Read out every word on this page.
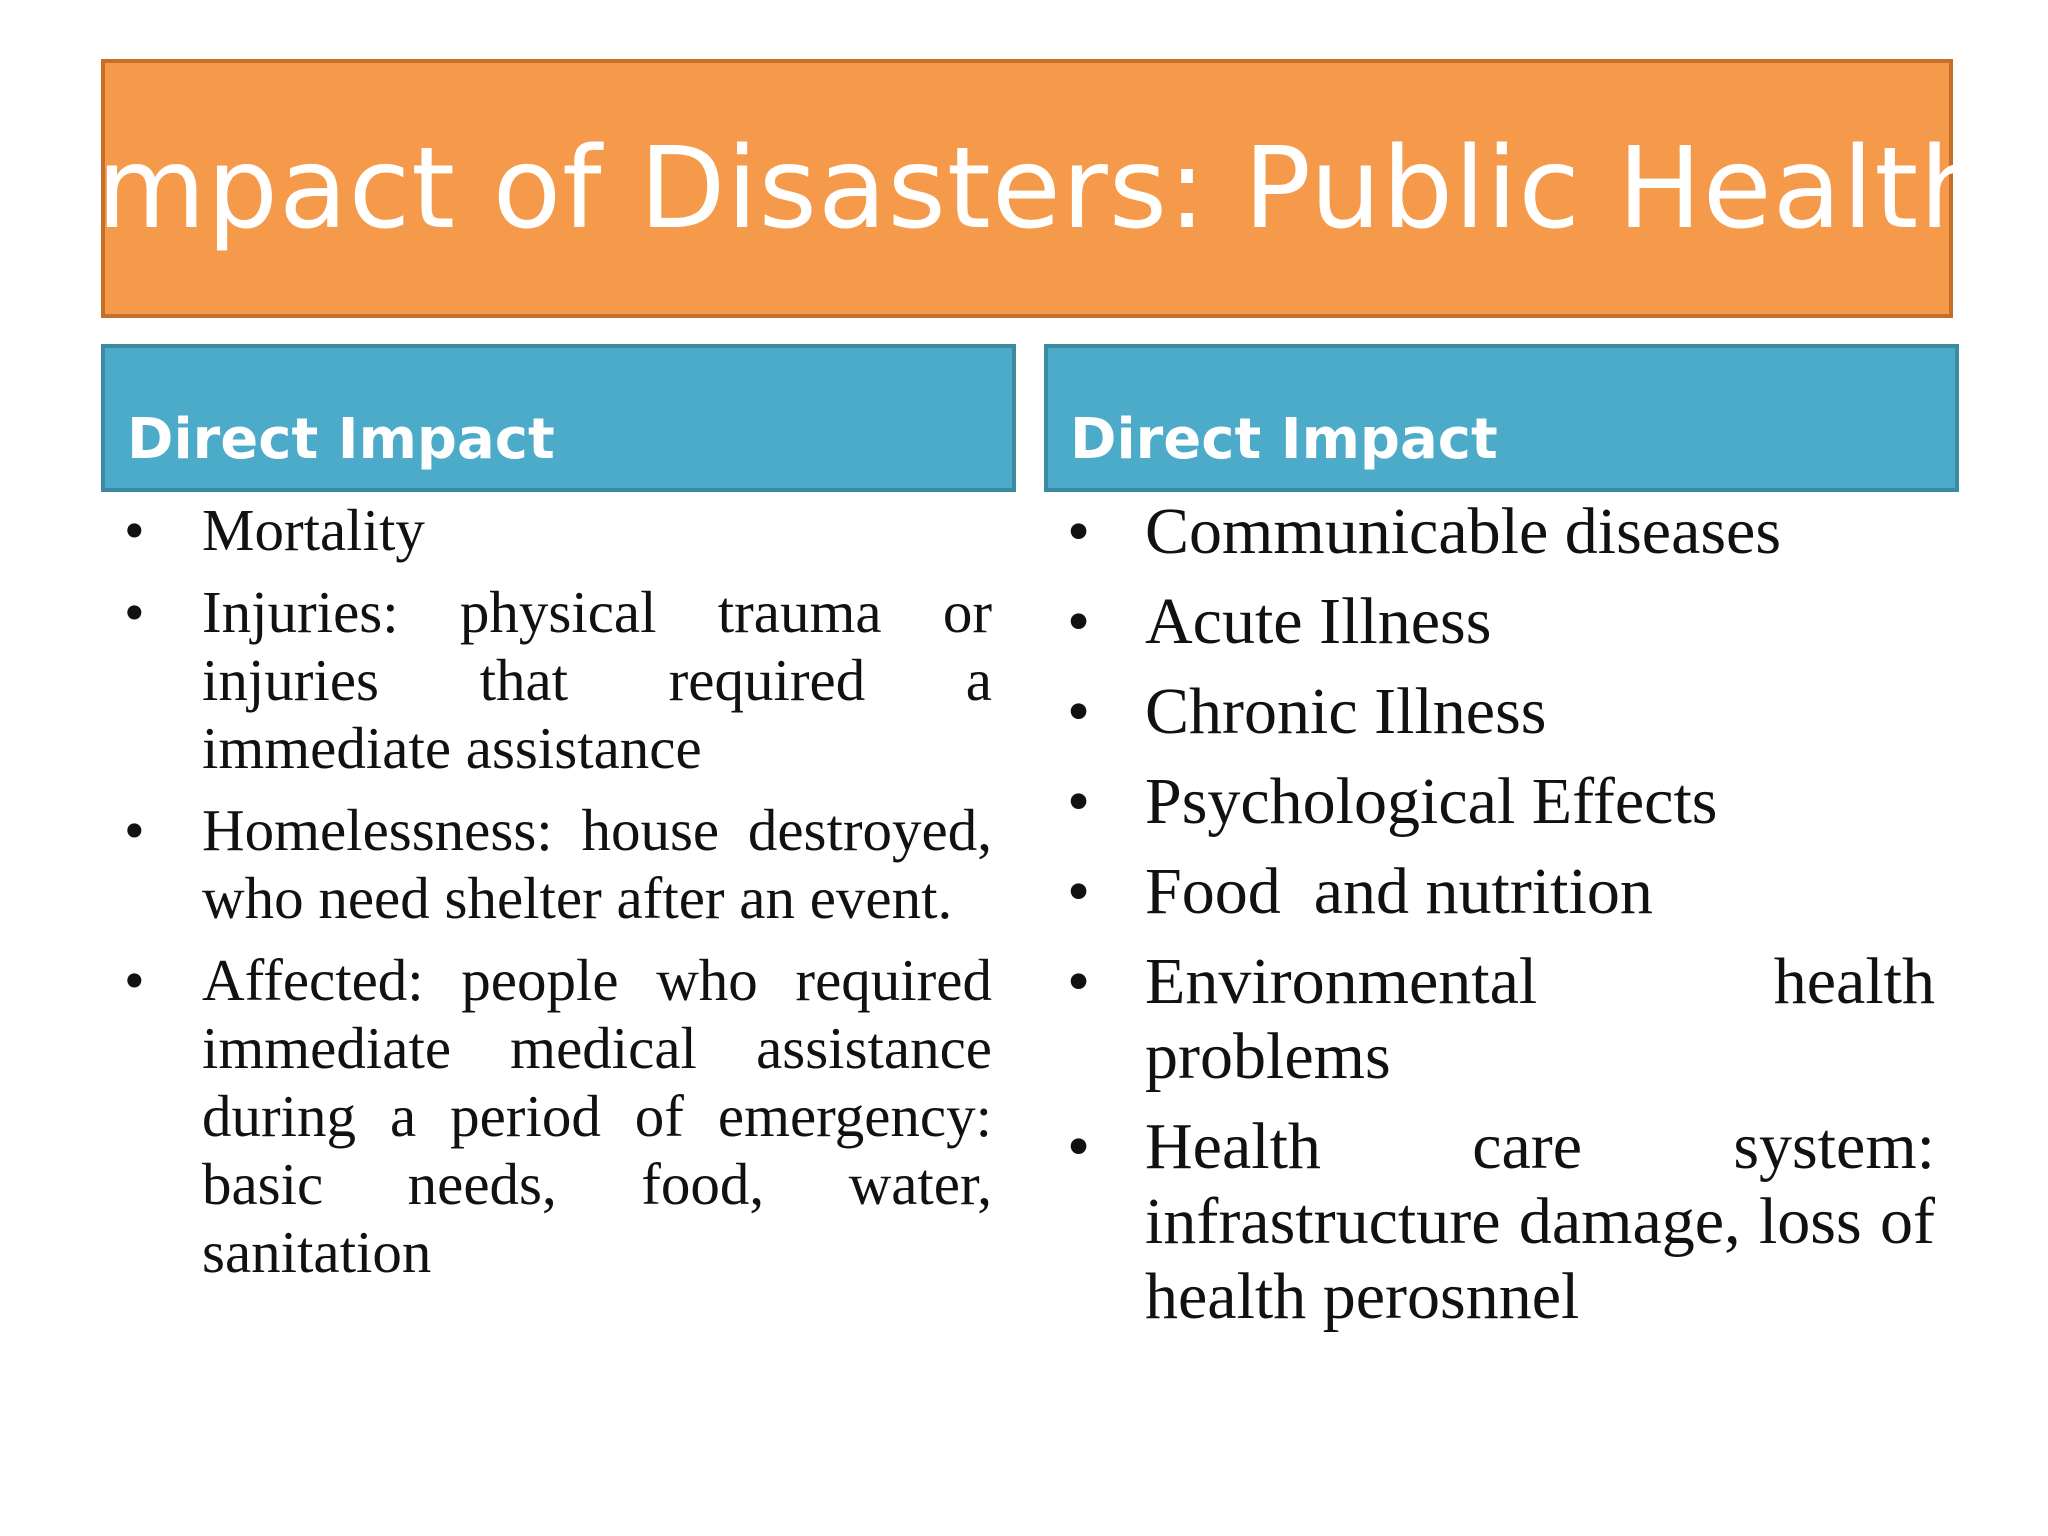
Impact of Disasters: Public Health
Direct Impact	Direct Impact
• Mortality
• Injuries: physical trauma or injuries that required a immediate assistance
• Homelessness: house destroyed, who need shelter after an event.
• Affected: people who required immediate medical assistance during a period of emergency: basic needs, food, water, sanitation
• Communicable diseases
• Acute Illness
• Chronic Illness
• Psychological Effects
• Food  and nutrition
• Environmental health problems
• Health care system: infrastructure damage, loss of health perosnnel
